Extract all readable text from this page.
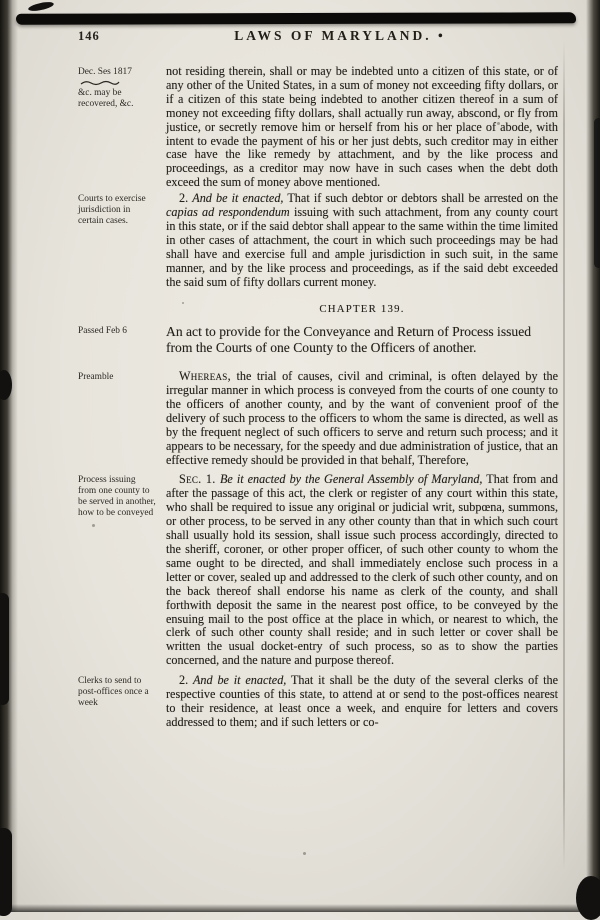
146	LAWS OF MARYLAND. •
Dec. Ses 1817
&c. may be recovered, &c.

not residing therein, shall or may be indebted unto a citizen of this state, or of any other of the United States, in a sum of money not exceeding fifty dollars, or if a citizen of this state being indebted to another citizen thereof in a sum of money not exceeding fifty dollars, shall actually run away, abscond, or fly from justice, or secretly remove him or herself from his or her place of abode, with intent to evade the payment of his or her just debts, such creditor may in either case have the like remedy by attachment, and by the like process and proceedings, as a creditor may now have in such cases when the debt doth exceed the sum of money above mentioned.

Courts to exercise jurisdiction in certain cases.

2. And be it enacted, That if such debtor or debtors shall be arrested on the capias ad respondendum issuing with such attachment, from any county court in this state, or if the said debtor shall appear to the same within the time limited in other cases of attachment, the court in which such proceedings may be had shall have and exercise full and ample jurisdiction in such suit, in the same manner, and by the like process and proceedings, as if the said debt exceeded the said sum of fifty dollars current money.

CHAPTER 139.
Passed Feb 6	An act to provide for the Conveyance and Return of Process issued from the Courts of one County to the Officers of another.
Preamble	Whereas, the trial of causes, civil and criminal, is often delayed by the irregular manner in which process is conveyed from the courts of one county to the officers of another county, and by the want of convenient proof of the delivery of such process to the officers to whom the same is directed, as well as by the frequent neglect of such officers to serve and return such process; and it appears to be necessary, for the speedy and due administration of justice, that an effective remedy should be provided in that behalf, Therefore,

Process issuing from one county to be served in another, how to be conveyed

Sec. 1. Be it enacted by the General Assembly of Maryland, That from and after the passage of this act, the clerk or register of any court within this state, who shall be required to issue any original or judicial writ, subpœna, summons, or other process, to be served in any other county than that in which such court shall usually hold its session, shall issue such process accordingly, directed to the sheriff, coroner, or other proper officer, of such other county to whom the same ought to be directed, and shall immediately enclose such process in a letter or cover, sealed up and addressed to the clerk of such other county, and on the back thereof shall endorse his name as clerk of the county, and shall forthwith deposit the same in the nearest post office, to be conveyed by the ensuing mail to the post office at the place in which, or nearest to which, the clerk of such other county shall reside; and in such letter or cover shall be written the usual docket-entry of such process, so as to show the parties concerned, and the nature and purpose thereof.

Clerks to send to post-offices once a week

2. And be it enacted, That it shall be the duty of the several clerks of the respective counties of this state, to attend at or send to the post-offices nearest to their residence, at least once a week, and enquire for letters and covers addressed to them; and if such letters or co-
